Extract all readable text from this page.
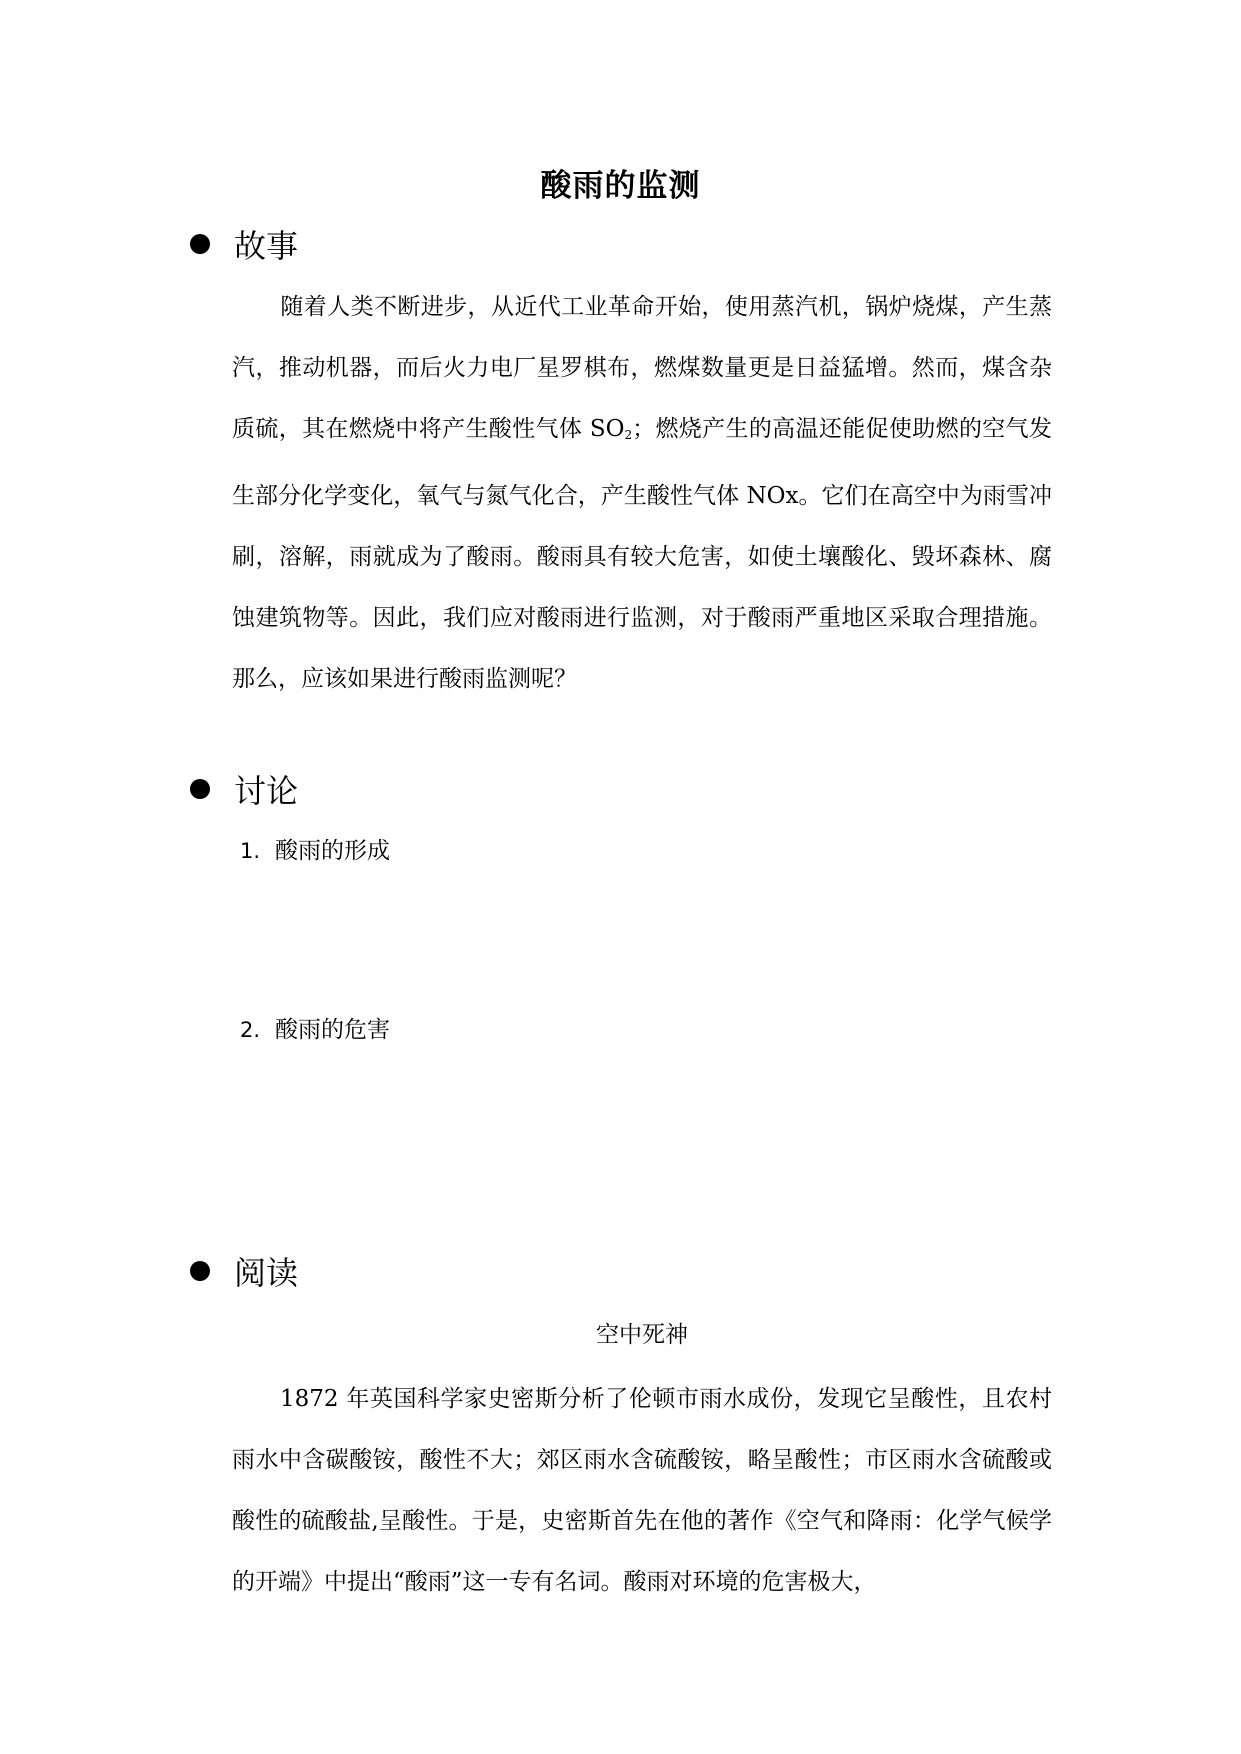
酸雨的监测
故事

随着人类不断进步，从近代工业革命开始，使用蒸汽机，锅炉烧煤，产生蒸汽，推动机器，而后火力电厂星罗棋布，燃煤数量更是日益猛增。然而，煤含杂质硫，其在燃烧中将产生酸性气体 $SO_2$；燃烧产生的高温还能促使助燃的空气发生部分化学变化，氧气与氮气化合，产生酸性气体 NOx。它们在高空中为雨雪冲刷，溶解，雨就成为了酸雨。酸雨具有较大危害，如使土壤酸化、毁坏森林、腐蚀建筑物等。因此，我们应对酸雨进行监测，对于酸雨严重地区采取合理措施。那么，应该如果进行酸雨监测呢？

讨论
1. 酸雨的形成
2. 酸雨的危害
阅读
空中死神

1872 年英国科学家史密斯分析了伦顿市雨水成份，发现它呈酸性，且农村雨水中含碳酸铵，酸性不大；郊区雨水含硫酸铵，略呈酸性；市区雨水含硫酸或酸性的硫酸盐,呈酸性。于是，史密斯首先在他的著作《空气和降雨：化学气候学的开端》中提出“酸雨”这一专有名词。酸雨对环境的危害极大，
